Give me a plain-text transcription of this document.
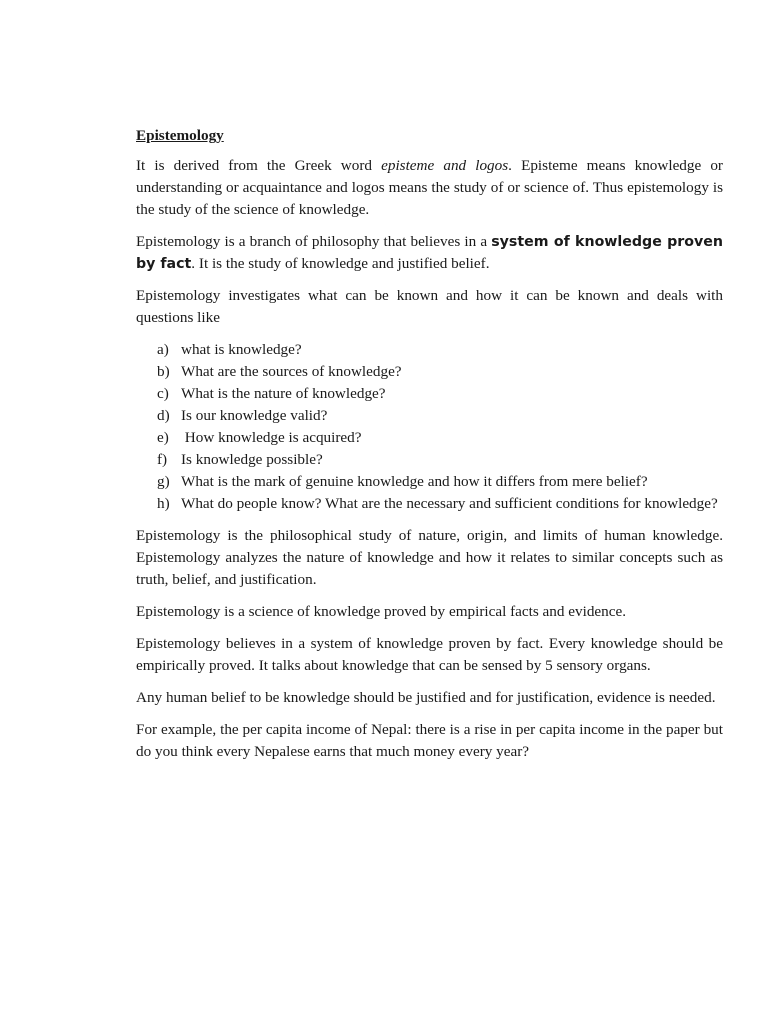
Epistemology

It is derived from the Greek word episteme and logos. Episteme means knowledge or understanding or acquaintance and logos means the study of or science of. Thus epistemology is the study of the science of knowledge.

Epistemology is a branch of philosophy that believes in a system of knowledge proven by fact. It is the study of knowledge and justified belief.

Epistemology investigates what can be known and how it can be known and deals with questions like

a) what is knowledge?
b) What are the sources of knowledge?
c) What is the nature of knowledge?
d) Is our knowledge valid?
e) How knowledge is acquired?
f) Is knowledge possible?
g) What is the mark of genuine knowledge and how it differs from mere belief?
h) What do people know? What are the necessary and sufficient conditions for knowledge?

Epistemology is the philosophical study of nature, origin, and limits of human knowledge. Epistemology analyzes the nature of knowledge and how it relates to similar concepts such as truth, belief, and justification.

Epistemology is a science of knowledge proved by empirical facts and evidence.

Epistemology believes in a system of knowledge proven by fact. Every knowledge should be empirically proved. It talks about knowledge that can be sensed by 5 sensory organs.

Any human belief to be knowledge should be justified and for justification, evidence is needed.

For example, the per capita income of Nepal: there is a rise in per capita income in the paper but do you think every Nepalese earns that much money every year?
